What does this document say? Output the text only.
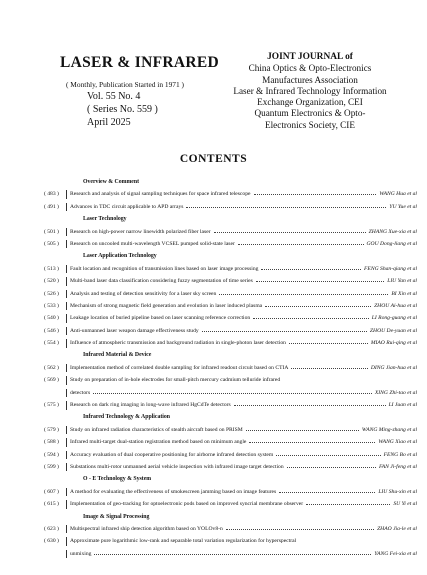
LASER & INFRARED
( Monthly, Publication Started in 1971 )
Vol. 55 No. 4
( Series No. 559 )
April 2025
JOINT JOURNAL of
China Optics & Opto-Electronics
Manufactures Association
Laser & Infrared Technology Information
Exchange Organization, CEI
Quantum Electronics & Opto-
Electronics Society, CIE
CONTENTS
Overview & Comment
( 483 )	Research and analysis of signal sampling techniques for space infrared telescope	WANG Hua et al
( 491 )	Advances in TDC circuit applicable to APD arrays	YU Yue et al
Laser Technology
( 501 )	Research on high-power narrow linewidth polarized fiber laser	ZHANG Xue-xia et al
( 505 )	Research on uncooled multi-wavelength VCSEL pumped solid-state laser	GOU Dong-liang et al
Laser Application Technology
( 513 )	Fault location and recognition of transmission lines based on laser image processing	FENG Shan-qiang et al
( 520 )	Multi-band laser data classification considering fuzzy segmentation of time series	LIU Yan et al
( 526 )	Analysis and testing of detection sensitivity for a laser sky screen	BI Xin et al
( 533 )	Mechanism of strong magnetic field generation and evolution in laser induced plasma	ZHOU Ai-hua et al
( 540 )	Leakage location of buried pipeline based on laser scanning reference correction	LI Rong-guang et al
( 546 )	Anti-unmanned laser weapon damage effectiveness study	ZHOU De-yuan et al
( 554 )	Influence of atmospheric transmission and background radiation in single-photon laser detection	MIAO Rui-qing et al
Infrared Material & Device
( 562 )	Implementation method of correlated double sampling for infrared readout circuit based on CTIA	DING Jian-hua et al
( 569 )	Study on preparation of in-hole electrodes for small-pitch mercury cadmium telluride infrared
detectors	XING Zhi-tao et al
( 575 )	Research on dark ring imaging in long-wave infrared HgCdTe detectors	LI Juan et al
Infrared Technology & Application
( 579 )	Study on infrared radiation characteristics of stealth aircraft based on PRISM	WANG Ming-zhang et al
( 588 )	Infrared multi-target dual-station registration method based on minimum angle	WANG Xiao et al
( 594 )	Accuracy evaluation of dual cooperative positioning for airborne infrared detection system	FENG Bo et al
( 599 )	Substations multi-rotor unmanned aerial vehicle inspection with infrared image target detection	FAN Ji-feng et al
O - E Technology & System
( 607 )	A method for evaluating the effectiveness of smokescreen jamming based on image features	LIU Shu-xin et al
( 615 )	Implementation of geo-tracking for optoelectronic pods based on improved syncrial membrane observer	SU Yi et al
Image & Signal Processing
( 623 )	Multispectral infrared ship detection algorithm based on YOLOv8-n	ZHAO Jia-le et al
( 630 )	Approximate pure logarithmic low-rank and separable total variation regularization for hyperspectral
unmixing	YANG Fei-xia et al
